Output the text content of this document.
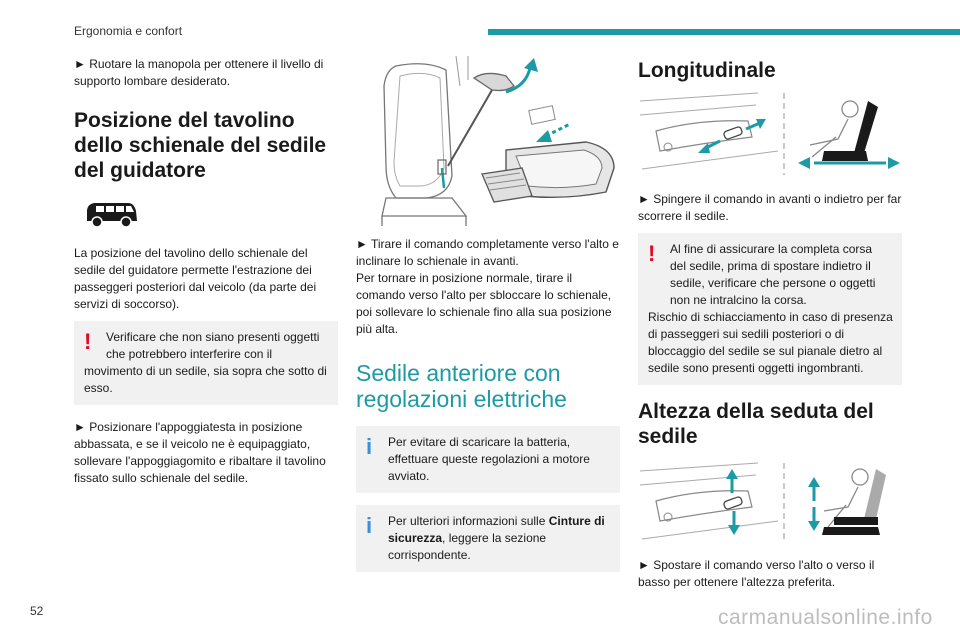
Ergonomia e confort

► Ruotare la manopola per ottenere il livello di supporto lombare desiderato.

Posizione del tavolino dello schienale del sedile del guidatore

La posizione del tavolino dello schienale del sedile del guidatore permette l'estrazione dei passeggeri posteriori dal veicolo (da parte dei servizi di soccorso).

!	Verificare che non siano presenti oggetti che potrebbero interferire con il

movimento di un sedile, sia sopra che sotto di esso.

► Posizionare l'appoggiatesta in posizione abbassata, e se il veicolo ne è equipaggiato, sollevare l'appoggiagomito e ribaltare il tavolino fissato sullo schienale del sedile.

► Tirare il comando completamente verso l'alto e inclinare lo schienale in avanti.

Per tornare in posizione normale, tirare il comando verso l'alto per sbloccare lo schienale, poi sollevare lo schienale fino alla sua posizione più alta.

Sedile anteriore con regolazioni elettriche
i	Per evitare di scaricare la batteria,

effettuare queste regolazioni a motore avviato.

i	Per ulteriori informazioni sulle Cinture di sicurezza, leggere la sezione corrispondente.

Longitudinale

► Spingere il comando in avanti o indietro per far scorrere il sedile.

!	Al fine di assicurare la completa corsa

del sedile, prima di spostare indietro il sedile, verificare che persone o oggetti non ne intralcino la corsa.

Rischio di schiacciamento in caso di presenza di passeggeri sui sedili posteriori o di bloccaggio del sedile se sul pianale dietro al sedile sono presenti oggetti ingombranti.

Altezza della seduta del sedile

► Spostare il comando verso l'alto o verso il basso per ottenere l'altezza preferita.

52	carmanualsonline.info
